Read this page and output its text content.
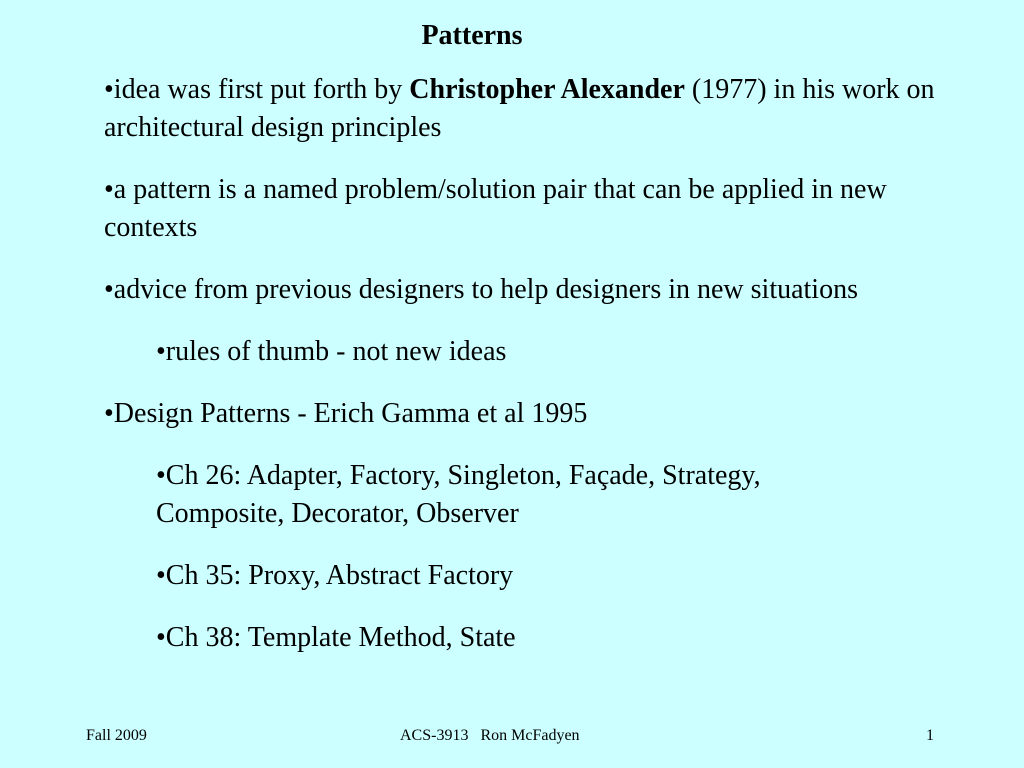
Patterns
•idea was first put forth by Christopher Alexander (1977) in his work on architectural design principles
•a pattern is a named problem/solution pair that can be applied in new contexts
•advice from previous designers to help designers in new situations
•rules of thumb - not new ideas
•Design Patterns - Erich Gamma et al 1995
•Ch 26: Adapter, Factory, Singleton, Façade, Strategy, Composite, Decorator, Observer
•Ch 35: Proxy, Abstract Factory
•Ch 38: Template Method, State
Fall 2009	ACS-3913   Ron McFadyen	1
